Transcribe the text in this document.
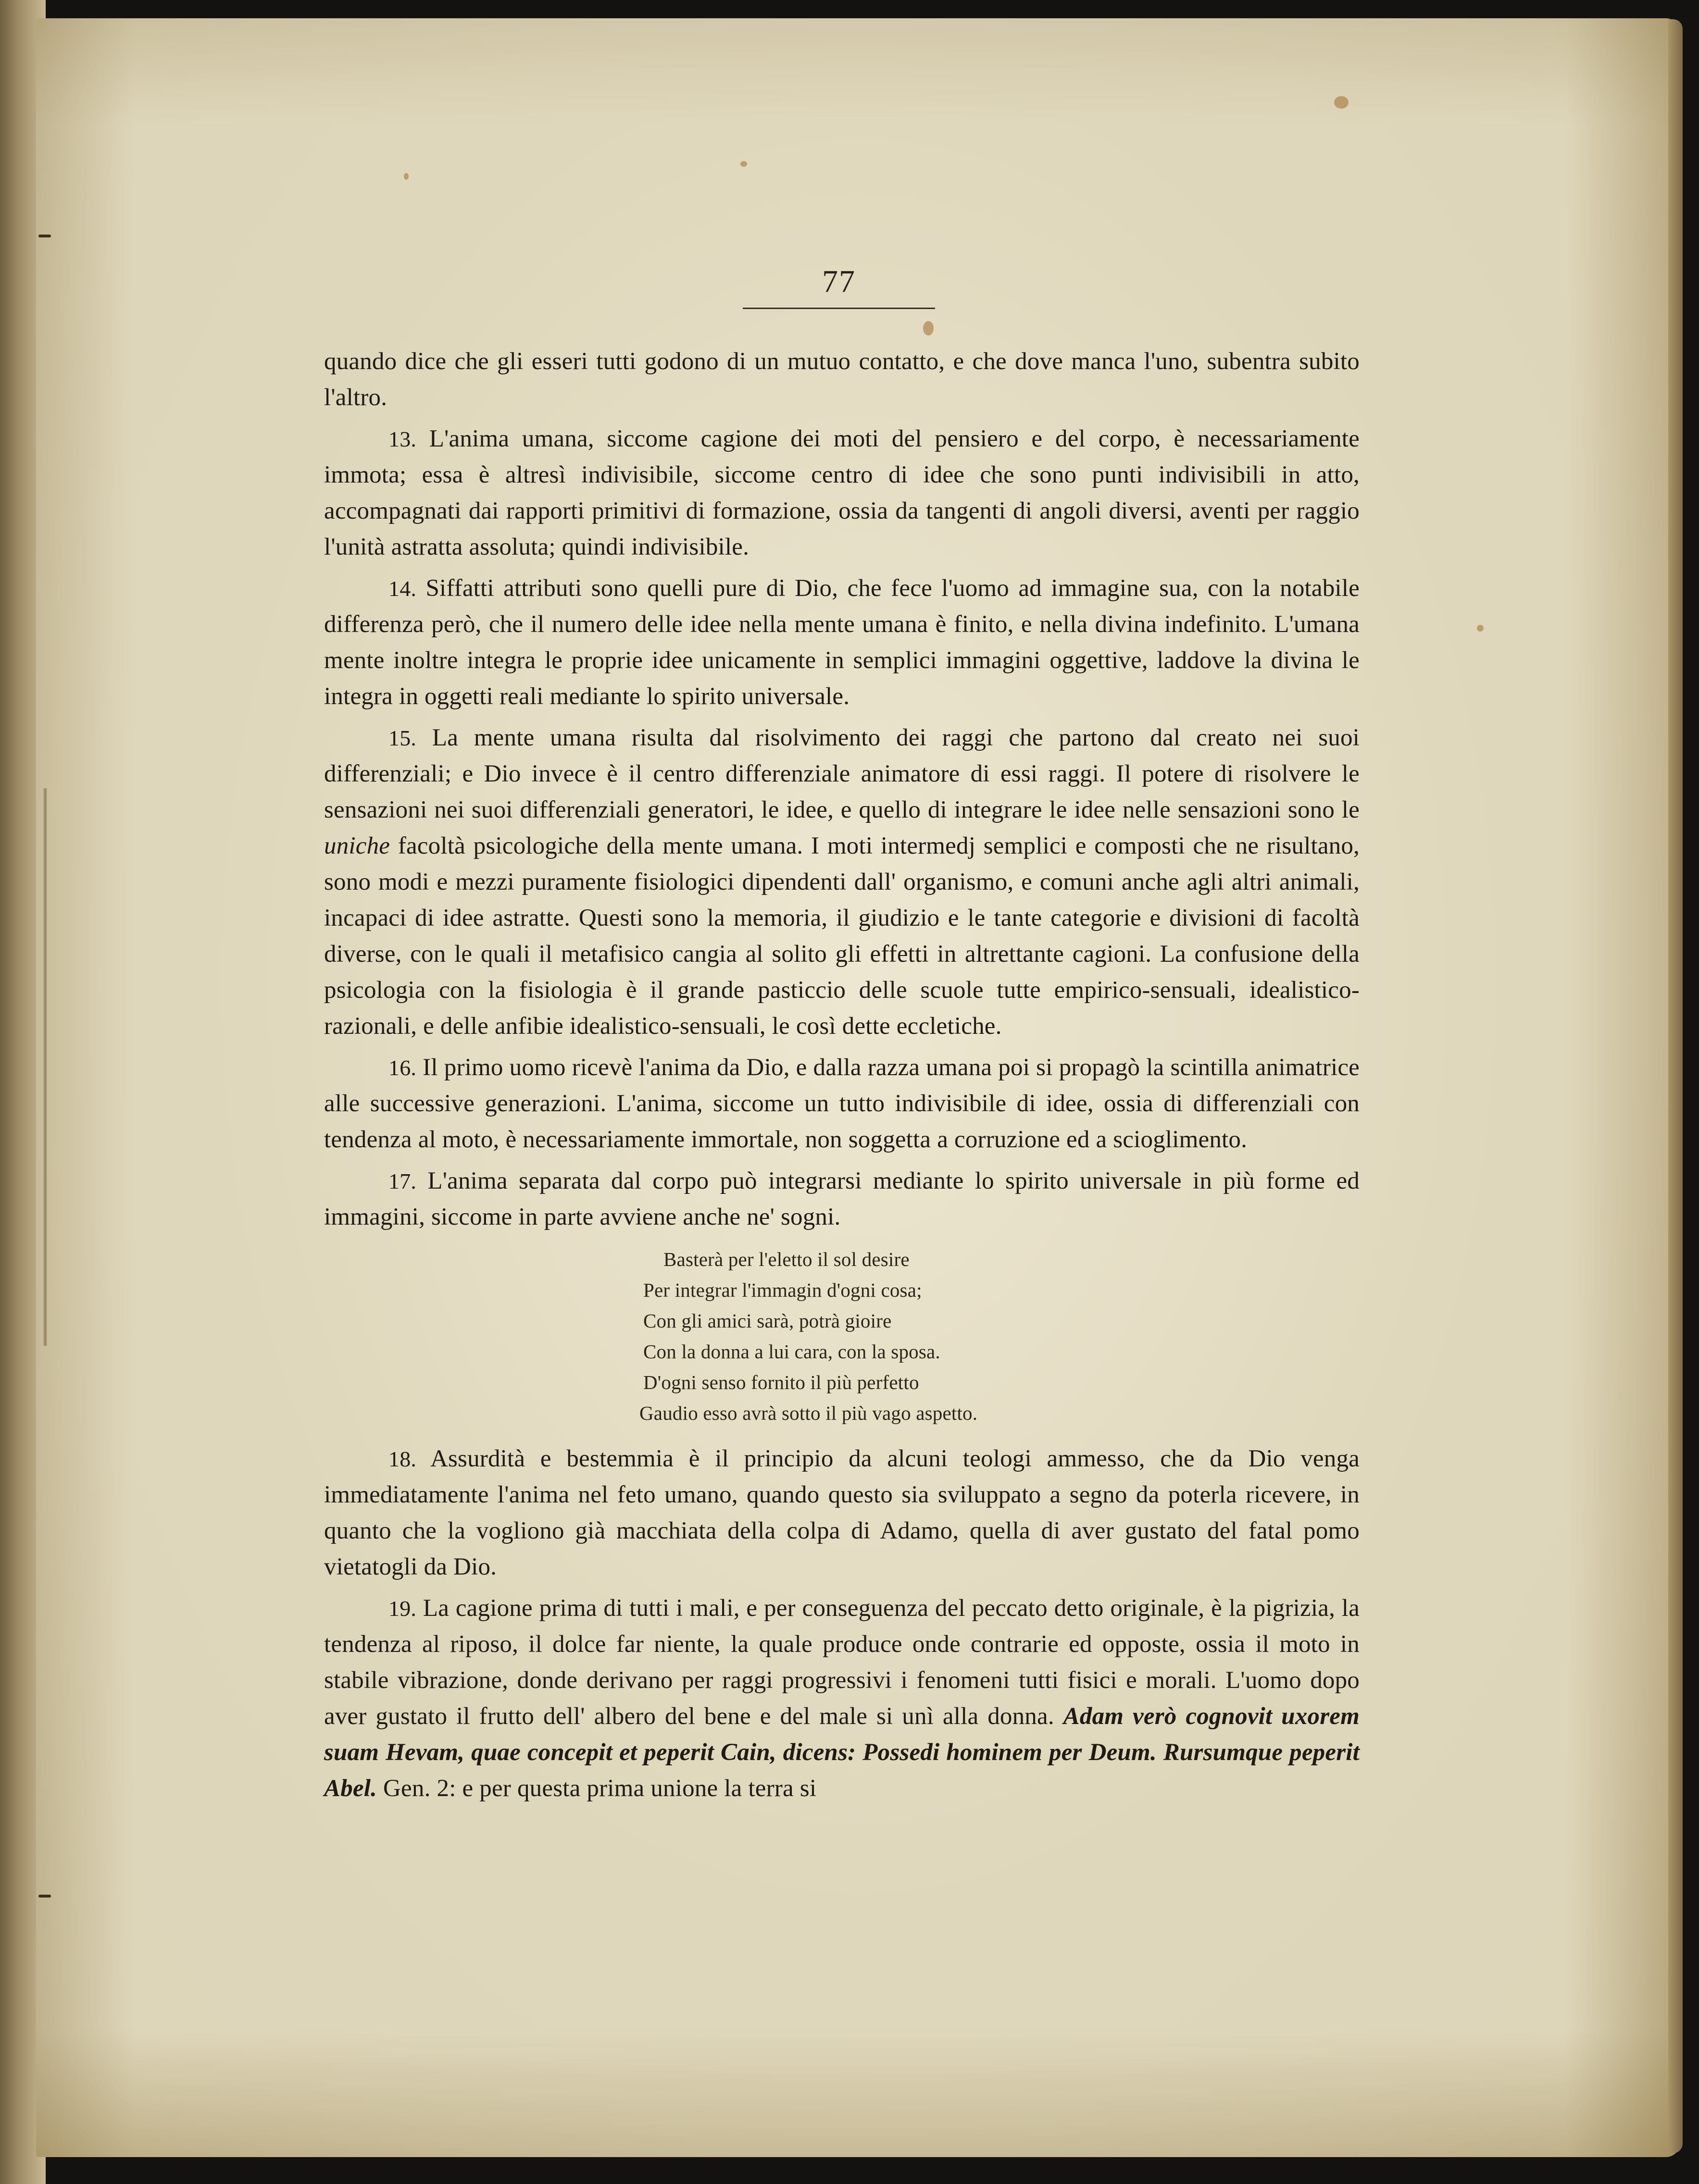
77

quando dice che gli esseri tutti godono di un mutuo contatto, e che dove manca l'uno, subentra subito l'altro.

13. L'anima umana, siccome cagione dei moti del pensiero e del corpo, è necessariamente immota; essa è altresì indivisibile, siccome centro di idee che sono punti indivisibili in atto, accompagnati dai rapporti primitivi di formazione, ossia da tangenti di angoli diversi, aventi per raggio l'unità astratta assoluta; quindi indivisibile.

14. Siffatti attributi sono quelli pure di Dio, che fece l'uomo ad immagine sua, con la notabile differenza però, che il numero delle idee nella mente umana è finito, e nella divina indefinito. L'umana mente inoltre integra le proprie idee unicamente in semplici immagini oggettive, laddove la divina le integra in oggetti reali mediante lo spirito universale.

15. La mente umana risulta dal risolvimento dei raggi che partono dal creato nei suoi differenziali; e Dio invece è il centro differenziale animatore di essi raggi. Il potere di risolvere le sensazioni nei suoi differenziali generatori, le idee, e quello di integrare le idee nelle sensazioni sono le uniche facoltà psicologiche della mente umana. I moti intermedj semplici e composti che ne risultano, sono modi e mezzi puramente fisiologici dipendenti dall' organismo, e comuni anche agli altri animali, incapaci di idee astratte. Questi sono la memoria, il giudizio e le tante categorie e divisioni di facoltà diverse, con le quali il metafisico cangia al solito gli effetti in altrettante cagioni. La confusione della psicologia con la fisiologia è il grande pasticcio delle scuole tutte empirico-sensuali, idealistico-razionali, e delle anfibie idealistico-sensuali, le così dette eccletiche.

16. Il primo uomo ricevè l'anima da Dio, e dalla razza umana poi si propagò la scintilla animatrice alle successive generazioni. L'anima, siccome un tutto indivisibile di idee, ossia di differenziali con tendenza al moto, è necessariamente immortale, non soggetta a corruzione ed a scioglimento.

17. L'anima separata dal corpo può integrarsi mediante lo spirito universale in più forme ed immagini, siccome in parte avviene anche ne' sogni.

Basterà per l'eletto il sol desire
Per integrar l'immagin d'ogni cosa;
Con gli amici sarà, potrà gioire
Con la donna a lui cara, con la sposa.
D'ogni senso fornito il più perfetto
Gaudio esso avrà sotto il più vago aspetto.

18. Assurdità e bestemmia è il principio da alcuni teologi ammesso, che da Dio venga immediatamente l'anima nel feto umano, quando questo sia sviluppato a segno da poterla ricevere, in quanto che la vogliono già macchiata della colpa di Adamo, quella di aver gustato del fatal pomo vietatogli da Dio.

19. La cagione prima di tutti i mali, e per conseguenza del peccato detto originale, è la pigrizia, la tendenza al riposo, il dolce far niente, la quale produce onde contrarie ed opposte, ossia il moto in stabile vibrazione, donde derivano per raggi progressivi i fenomeni tutti fisici e morali. L'uomo dopo aver gustato il frutto dell' albero del bene e del male si unì alla donna. Adam verò cognovit uxorem suam Hevam, quae concepit et peperit Cain, dicens: Possedi hominem per Deum. Rursumque peperit Abel. Gen. 2: e per questa prima unione la terra si
